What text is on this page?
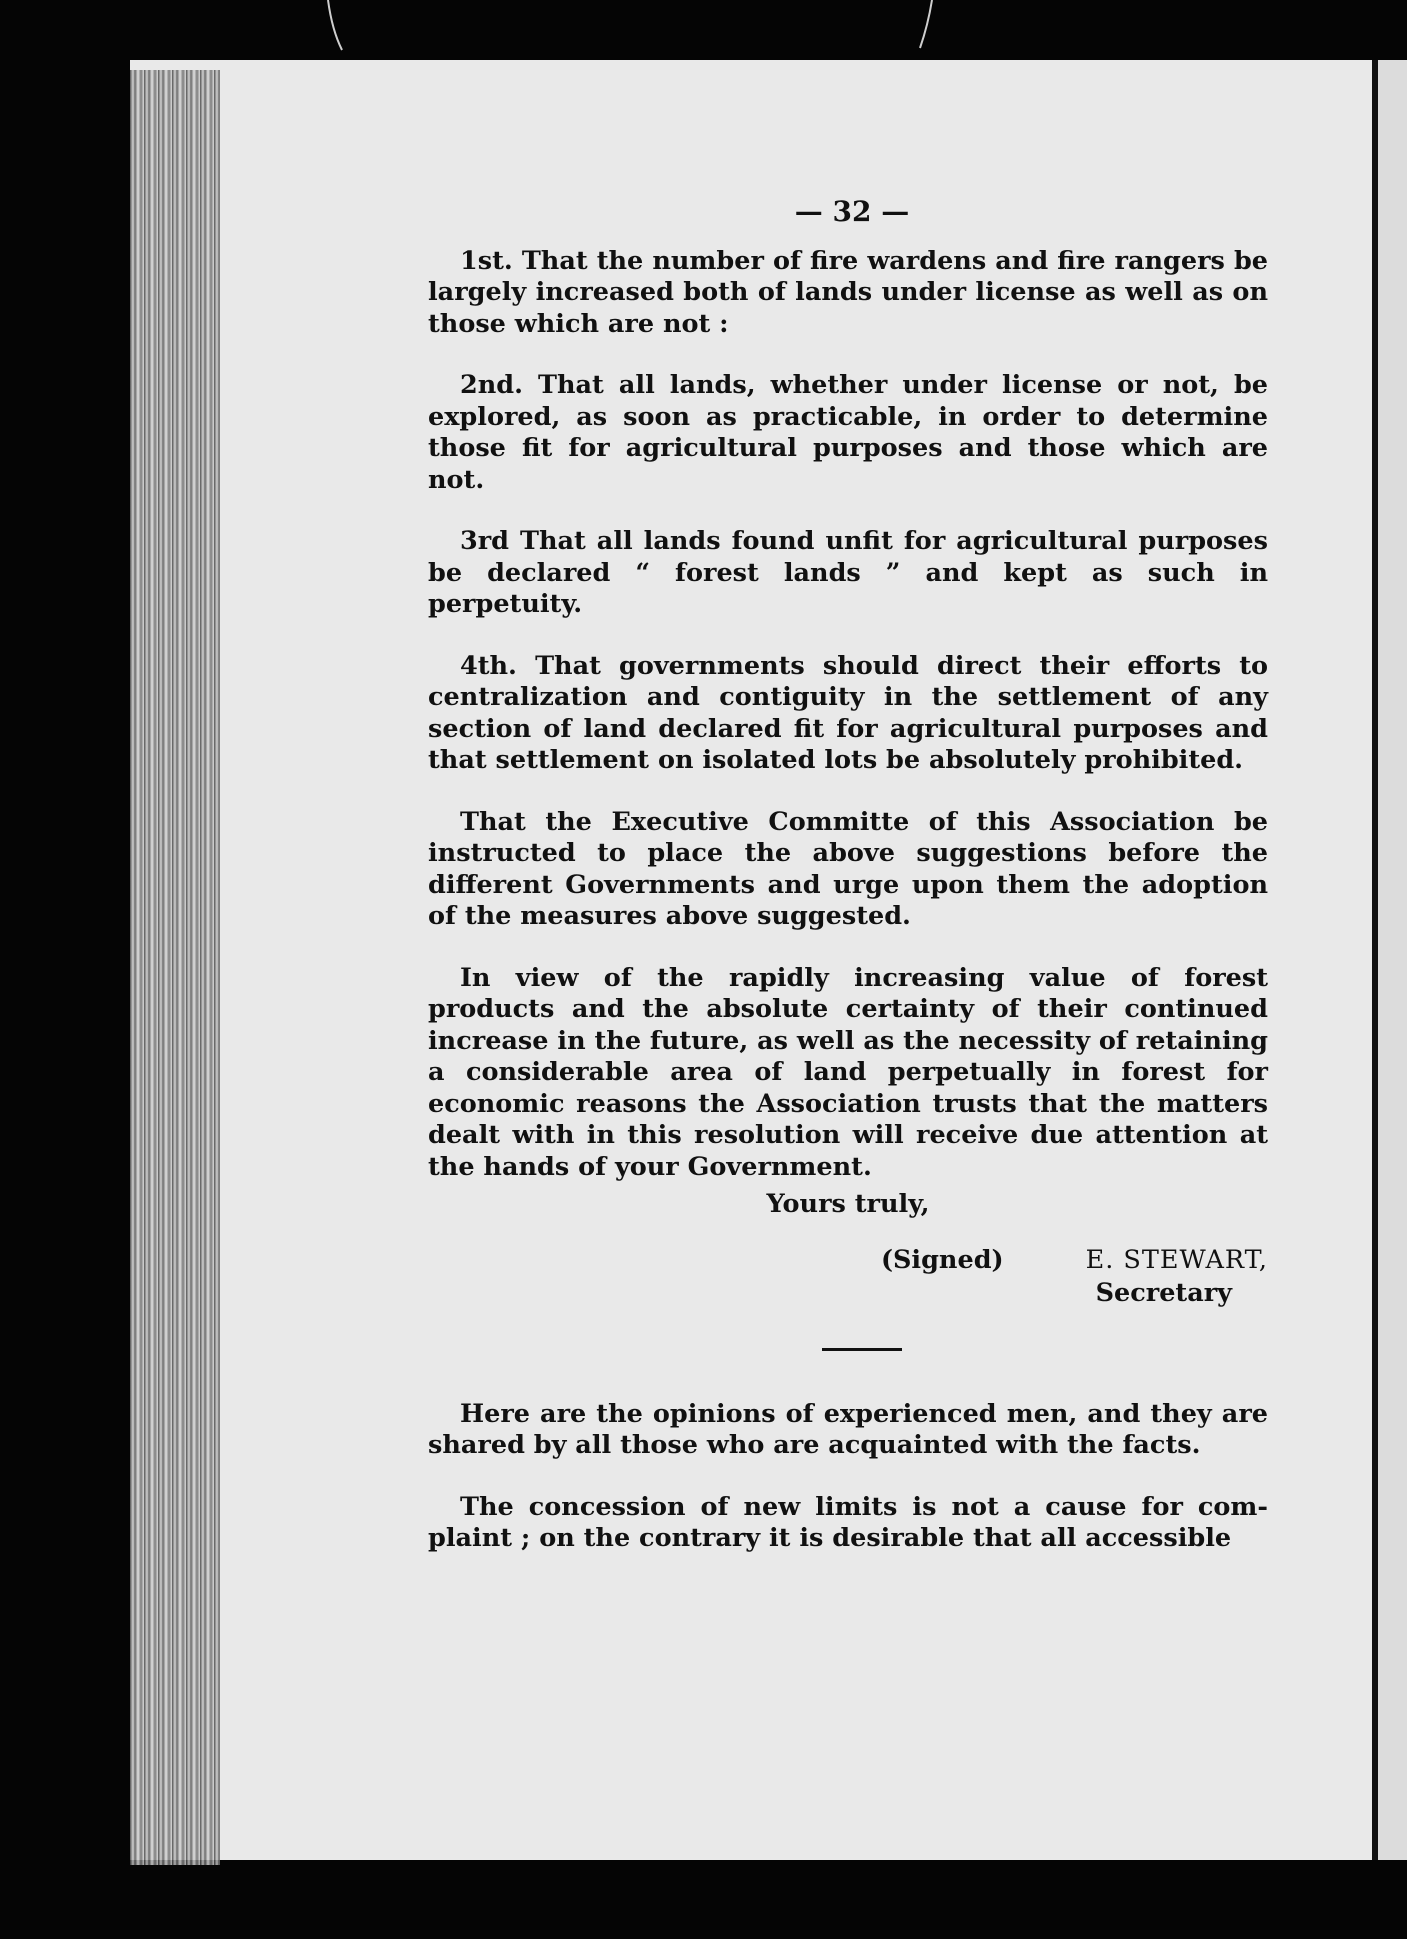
— 32 —

1st. That the number of fire wardens and fire rangers be largely increased both of lands under license as well as on those which are not :

2nd. That all lands, whether under license or not, be explored, as soon as practicable, in order to determine those fit for agricultural purposes and those which are not.

3rd That all lands found unfit for agricultural purposes be declared “ forest lands ” and kept as such in perpetuity.

4th. That governments should direct their efforts to centralization and contiguity in the settlement of any section of land declared fit for agricultural purposes and that settlement on isolated lots be absolutely prohibited.

That the Executive Committe of this Association be instructed to place the above suggestions before the different Governments and urge upon them the adoption of the measures above suggested.

In view of the rapidly increasing value of forest products and the absolute certainty of their continued increase in the future, as well as the necessity of retaining a considerable area of land perpetually in forest for economic reasons the Association trusts that the matters dealt with in this resolution will receive due attention at the hands of your Government.

Yours truly,
(Signed)	E. STEWART,
Secretary

Here are the opinions of experienced men, and they are shared by all those who are acquainted with the facts.

The concession of new limits is not a cause for com- plaint ; on the contrary it is desirable that all accessible
